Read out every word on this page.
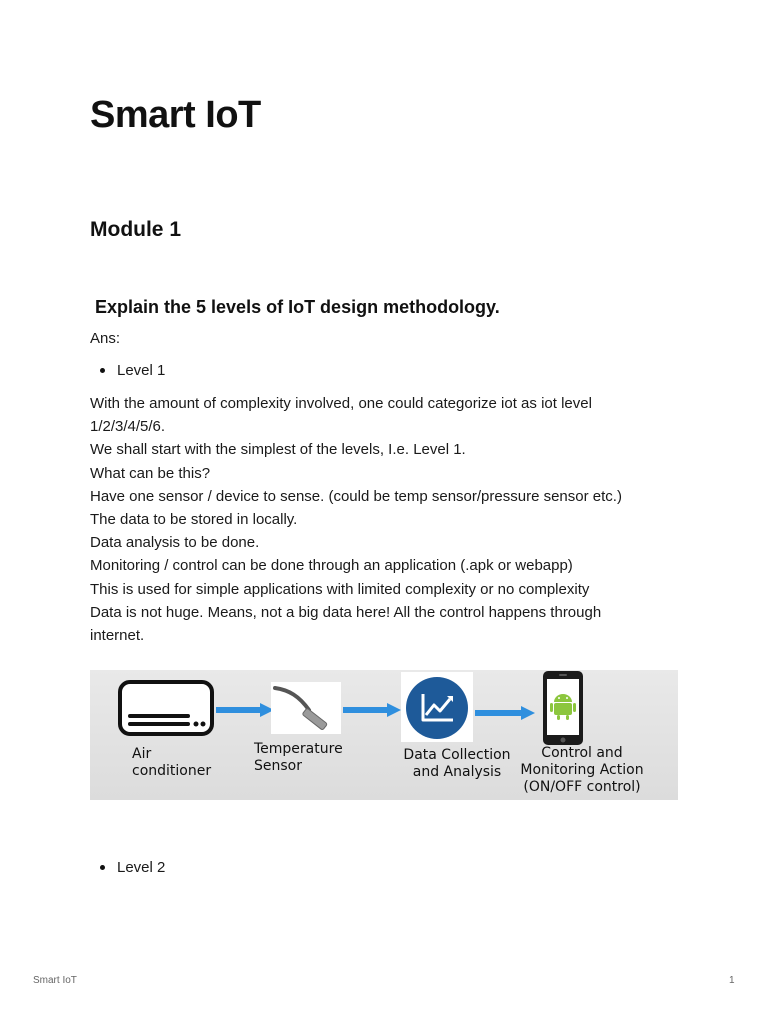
Smart IoT
Module 1
Explain the 5 levels of IoT design methodology.
Ans:
Level 1
With the amount of complexity involved, one could categorize iot as iot level
1/2/3/4/5/6.
We shall start with the simplest of the levels, I.e. Level 1.
What can be this?
Have one sensor / device to sense. (could be temp sensor/pressure sensor etc.)
The data to be stored in locally.
Data analysis to be done.
Monitoring / control can be done through an application (.apk or webapp)
This is used for simple applications with limited complexity or no complexity
Data is not huge. Means, not a big data here! All the control happens through
internet.
Air
conditioner
Temperature
Sensor
Data Collection
and Analysis
Control and
Monitoring Action
(ON/OFF control)
Level 2
Smart IoT	1
